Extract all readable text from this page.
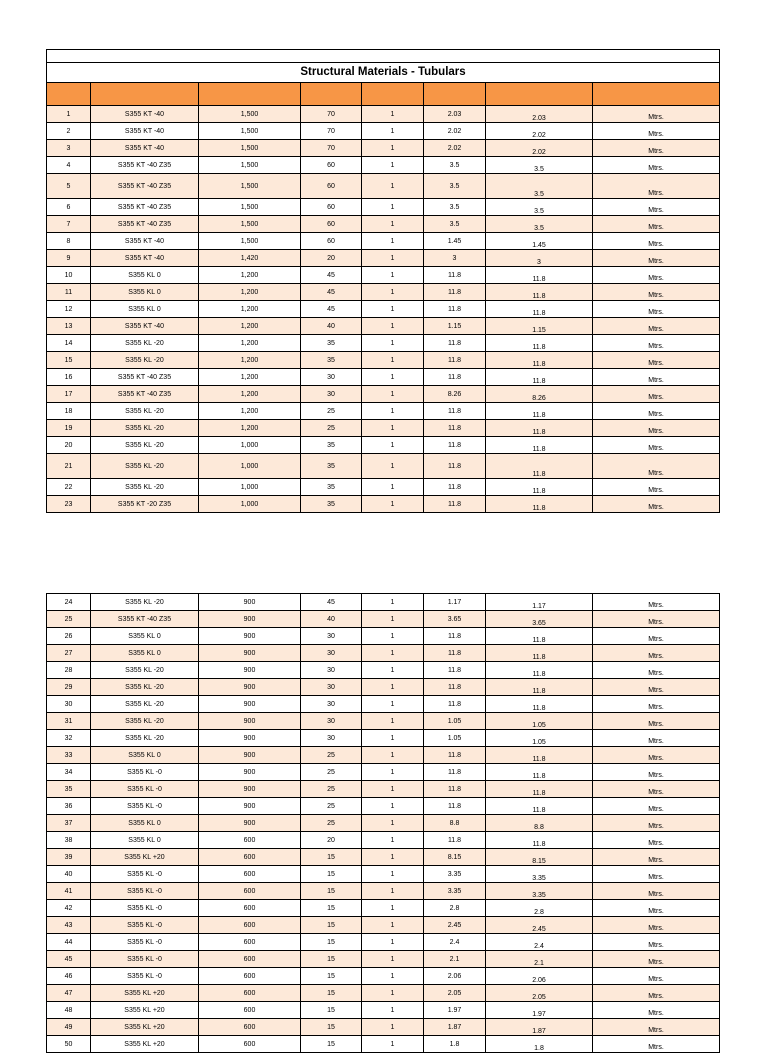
Structural Materials - Tubulars							

1	S355 KT -40	1,500	70	1	2.03	2.03	Mtrs.
2	S355 KT -40	1,500	70	1	2.02	2.02	Mtrs.
3	S355 KT -40	1,500	70	1	2.02	2.02	Mtrs.
4	S355 KT -40 Z35	1,500	60	1	3.5	3.5	Mtrs.
5	S355 KT -40 Z35	1,500	60	1	3.5	3.5	Mtrs.
6	S355 KT -40 Z35	1,500	60	1	3.5	3.5	Mtrs.
7	S355 KT -40 Z35	1,500	60	1	3.5	3.5	Mtrs.
8	S355 KT -40	1,500	60	1	1.45	1.45	Mtrs.
9	S355 KT -40	1,420	20	1	3	3	Mtrs.
10	S355 KL 0	1,200	45	1	11.8	11.8	Mtrs.
11	S355 KL 0	1,200	45	1	11.8	11.8	Mtrs.
12	S355 KL 0	1,200	45	1	11.8	11.8	Mtrs.
13	S355 KT -40	1,200	40	1	1.15	1.15	Mtrs.
14	S355 KL -20	1,200	35	1	11.8	11.8	Mtrs.
15	S355 KL -20	1,200	35	1	11.8	11.8	Mtrs.
16	S355 KT -40 Z35	1,200	30	1	11.8	11.8	Mtrs.
17	S355 KT -40 Z35	1,200	30	1	8.26	8.26	Mtrs.
18	S355 KL -20	1,200	25	1	11.8	11.8	Mtrs.
19	S355 KL -20	1,200	25	1	11.8	11.8	Mtrs.
20	S355 KL -20	1,000	35	1	11.8	11.8	Mtrs.
21	S355 KL -20	1,000	35	1	11.8	11.8	Mtrs.
22	S355 KL -20	1,000	35	1	11.8	11.8	Mtrs.
23	S355 KT -20 Z35	1,000	35	1	11.8	11.8	Mtrs.
24	S355 KL -20	900	45	1	1.17	1.17	Mtrs.
25	S355 KT -40 Z35	900	40	1	3.65	3.65	Mtrs.
26	S355 KL 0	900	30	1	11.8	11.8	Mtrs.
27	S355 KL 0	900	30	1	11.8	11.8	Mtrs.
28	S355 KL -20	900	30	1	11.8	11.8	Mtrs.
29	S355 KL -20	900	30	1	11.8	11.8	Mtrs.
30	S355 KL -20	900	30	1	11.8	11.8	Mtrs.
31	S355 KL -20	900	30	1	1.05	1.05	Mtrs.
32	S355 KL -20	900	30	1	1.05	1.05	Mtrs.
33	S355 KL 0	900	25	1	11.8	11.8	Mtrs.
34	S355 KL -0	900	25	1	11.8	11.8	Mtrs.
35	S355 KL -0	900	25	1	11.8	11.8	Mtrs.
36	S355 KL -0	900	25	1	11.8	11.8	Mtrs.
37	S355 KL 0	900	25	1	8.8	8.8	Mtrs.
38	S355 KL 0	600	20	1	11.8	11.8	Mtrs.
39	S355 KL +20	600	15	1	8.15	8.15	Mtrs.
40	S355 KL -0	600	15	1	3.35	3.35	Mtrs.
41	S355 KL -0	600	15	1	3.35	3.35	Mtrs.
42	S355 KL -0	600	15	1	2.8	2.8	Mtrs.
43	S355 KL -0	600	15	1	2.45	2.45	Mtrs.
44	S355 KL -0	600	15	1	2.4	2.4	Mtrs.
45	S355 KL -0	600	15	1	2.1	2.1	Mtrs.
46	S355 KL -0	600	15	1	2.06	2.06	Mtrs.
47	S355 KL +20	600	15	1	2.05	2.05	Mtrs.
48	S355 KL +20	600	15	1	1.97	1.97	Mtrs.
49	S355 KL +20	600	15	1	1.87	1.87	Mtrs.
50	S355 KL +20	600	15	1	1.8	1.8	Mtrs.
